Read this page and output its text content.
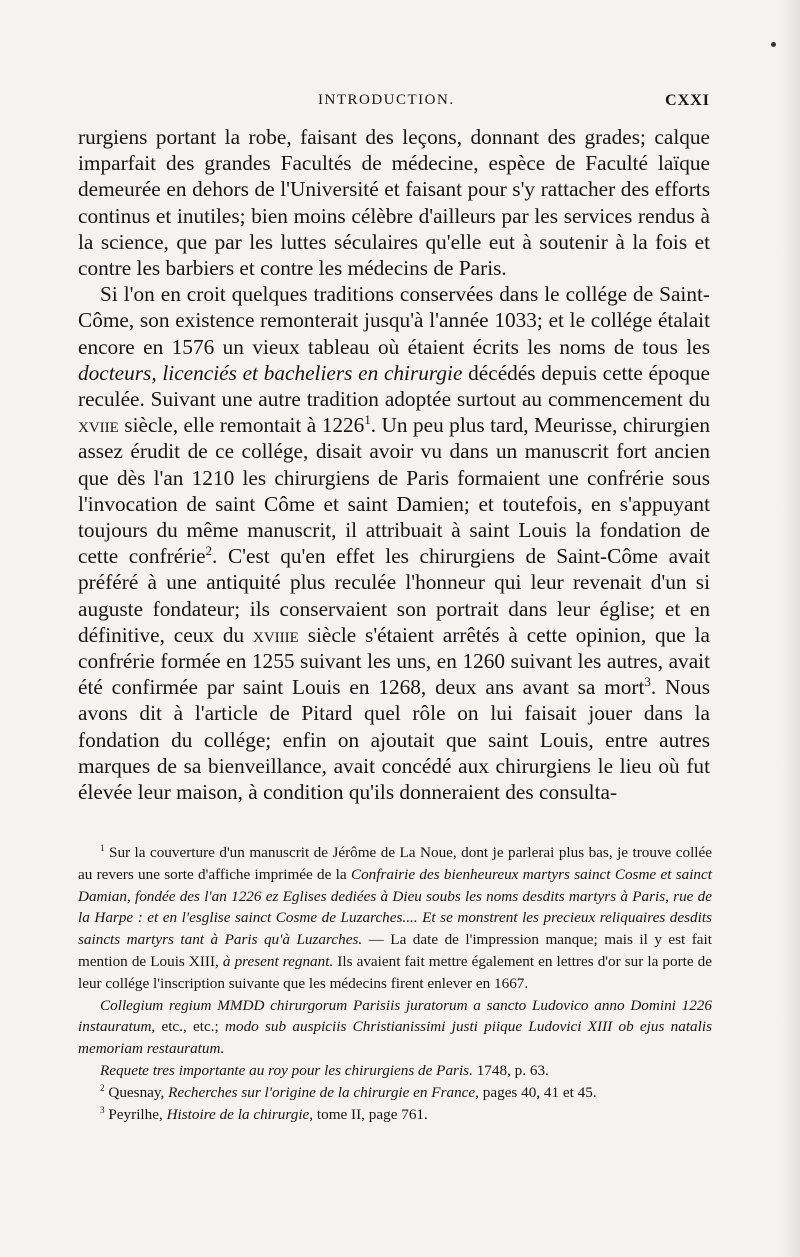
INTRODUCTION.	CXXI

rurgiens portant la robe, faisant des leçons, donnant des grades; calque imparfait des grandes Facultés de médecine, espèce de Faculté laïque demeurée en dehors de l'Université et faisant pour s'y rattacher des efforts continus et inutiles; bien moins célèbre d'ailleurs par les services rendus à la science, que par les luttes séculaires qu'elle eut à soutenir à la fois et contre les barbiers et contre les médecins de Paris.

Si l'on en croit quelques traditions conservées dans le collége de Saint-Côme, son existence remonterait jusqu'à l'année 1033; et le collége étalait encore en 1576 un vieux tableau où étaient écrits les noms de tous les docteurs, licenciés et bacheliers en chirurgie décédés depuis cette époque reculée. Suivant une autre tradition adoptée surtout au commencement du xviie siècle, elle remontait à 1226$^1$. Un peu plus tard, Meurisse, chirurgien assez érudit de ce collége, disait avoir vu dans un manuscrit fort ancien que dès l'an 1210 les chirurgiens de Paris formaient une confrérie sous l'invocation de saint Côme et saint Damien; et toutefois, en s'appuyant toujours du même manuscrit, il attribuait à saint Louis la fondation de cette confrérie$^2$. C'est qu'en effet les chirurgiens de Saint-Côme avait préféré à une antiquité plus reculée l'honneur qui leur revenait d'un si auguste fondateur; ils conservaient son portrait dans leur église; et en définitive, ceux du xviiie siècle s'étaient arrêtés à cette opinion, que la confrérie formée en 1255 suivant les uns, en 1260 suivant les autres, avait été confirmée par saint Louis en 1268, deux ans avant sa mort$^3$. Nous avons dit à l'article de Pitard quel rôle on lui faisait jouer dans la fondation du collége; enfin on ajoutait que saint Louis, entre autres marques de sa bienveillance, avait concédé aux chirurgiens le lieu où fut élevée leur maison, à condition qu'ils donneraient des consulta-

$^1$ Sur la couverture d'un manuscrit de Jérôme de La Noue, dont je parlerai plus bas, je trouve collée au revers une sorte d'affiche imprimée de la Confrairie des bienheureux martyrs sainct Cosme et sainct Damian, fondée des l'an 1226 ez Eglises dediées à Dieu soubs les noms desdits martyrs à Paris, rue de la Harpe : et en l'esglise sainct Cosme de Luzarches.... Et se monstrent les precieux reliquaires desdits saincts martyrs tant à Paris qu'à Luzarches. — La date de l'impression manque; mais il y est fait mention de Louis XIII, à present regnant. Ils avaient fait mettre également en lettres d'or sur la porte de leur collége l'inscription suivante que les médecins firent enlever en 1667.

Collegium regium MMDD chirurgorum Parisiis juratorum a sancto Ludovico anno Domini 1226 instauratum, etc., etc.; modo sub auspiciis Christianissimi justi piique Ludovici XIII ob ejus natalis memoriam restauratum.

Requete tres importante au roy pour les chirurgiens de Paris. 1748, p. 63.

$^2$ Quesnay, Recherches sur l'origine de la chirurgie en France, pages 40, 41 et 45.

$^3$ Peyrilhe, Histoire de la chirurgie, tome II, page 761.
